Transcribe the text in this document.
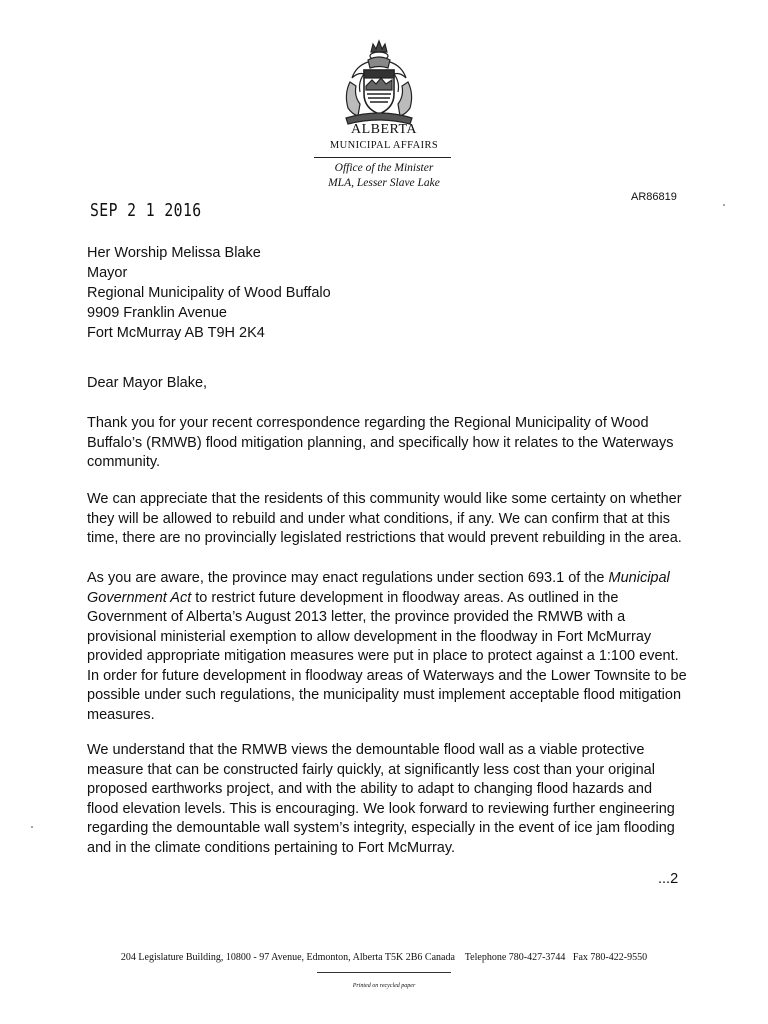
ALBERTA
MUNICIPAL AFFAIRS
Office of the Minister
MLA, Lesser Slave Lake
AR86819
SEP 2 1 2016
Her Worship Melissa Blake
Mayor
Regional Municipality of Wood Buffalo
9909 Franklin Avenue
Fort McMurray AB T9H 2K4
Dear Mayor Blake,
Thank you for your recent correspondence regarding the Regional Municipality of Wood Buffalo’s (RMWB) flood mitigation planning, and specifically how it relates to the Waterways community.
We can appreciate that the residents of this community would like some certainty on whether they will be allowed to rebuild and under what conditions, if any. We can confirm that at this time, there are no provincially legislated restrictions that would prevent rebuilding in the area.
As you are aware, the province may enact regulations under section 693.1 of the Municipal Government Act to restrict future development in floodway areas. As outlined in the Government of Alberta’s August 2013 letter, the province provided the RMWB with a provisional ministerial exemption to allow development in the floodway in Fort McMurray provided appropriate mitigation measures were put in place to protect against a 1:100 event. In order for future development in floodway areas of Waterways and the Lower Townsite to be possible under such regulations, the municipality must implement acceptable flood mitigation measures.
We understand that the RMWB views the demountable flood wall as a viable protective measure that can be constructed fairly quickly, at significantly less cost than your original proposed earthworks project, and with the ability to adapt to changing flood hazards and flood elevation levels. This is encouraging. We look forward to reviewing further engineering regarding the demountable wall system’s integrity, especially in the event of ice jam flooding and in the climate conditions pertaining to Fort McMurray.
...2
204 Legislature Building, 10800 - 97 Avenue, Edmonton, Alberta T5K 2B6 Canada Telephone 780-427-3744 Fax 780-422-9550
Printed on recycled paper
